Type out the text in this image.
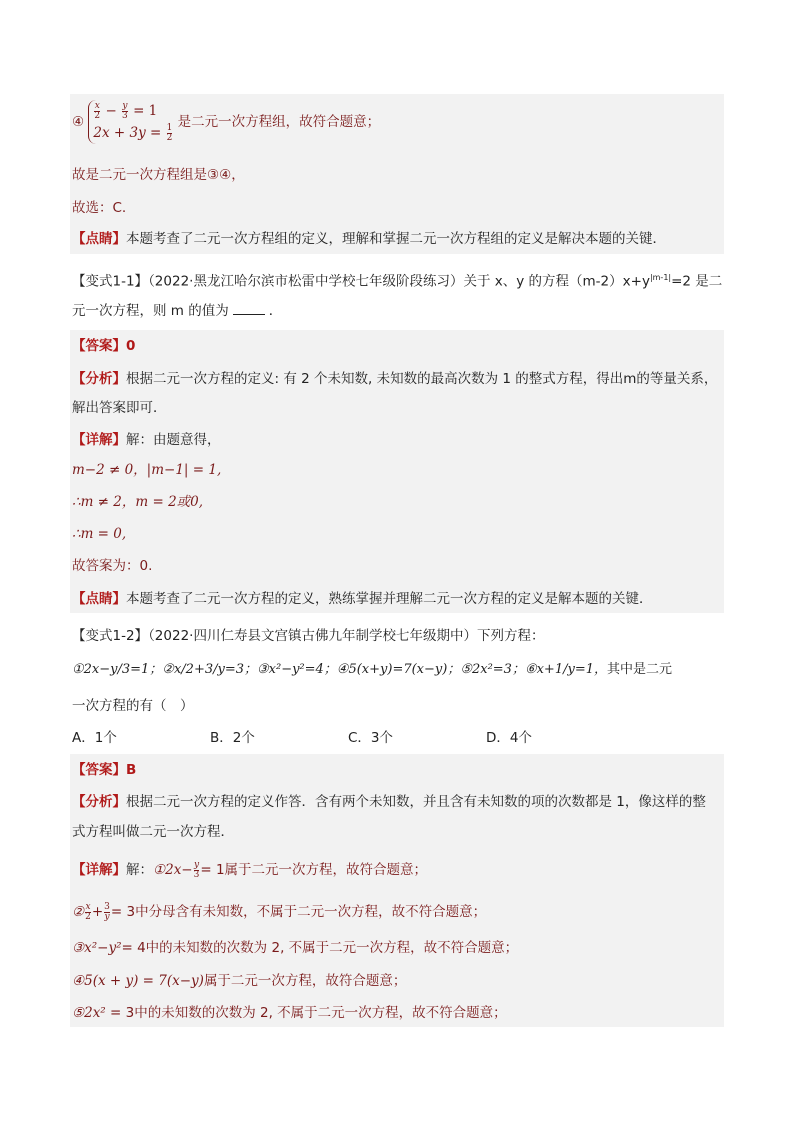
④
$\frac{x}{2} - \frac{y}{3} = 1$
$2x + 3y = \frac{1}{2}$
是二元一次方程组，故符合题意；
故是二元一次方程组是③④，
故选：C.
【点睛】本题考查了二元一次方程组的定义，理解和掌握二元一次方程组的定义是解决本题的关键．
【变式1-1】（2022·黑龙江哈尔滨市松雷中学校七年级阶段练习）关于 x、y 的方程$(m-2)x+y^{|m-1|}=2$ 是二
元一次方程，则 m 的值为	．
【答案】0
【分析】根据二元一次方程的定义: 有 2 个未知数, 未知数的最高次数为 1 的整式方程，得出m的等量关系，
解出答案即可．
【详解】解：由题意得，
m−2 ≠ 0，|m−1| = 1,
∴m ≠ 2，m = 2或0,
∴m = 0,
故答案为：0.
【点睛】本题考查了二元一次方程的定义，熟练掌握并理解二元一次方程的定义是解本题的关键．
【变式1-2】（2022·四川仁寿县文宫镇古佛九年制学校七年级期中）下列方程：
①2x−y/3=1；②x/2+3/y=3；③x²−y²=4；④5(x+y)=7(x−y)；⑤2x²=3；⑥x+1/y=1，其中是二元
一次方程的有（　）
A．1个	B．2个	C．3个	D．4个
【答案】B
【分析】根据二元一次方程的定义作答．含有两个未知数，并且含有未知数的项的次数都是 1，像这样的整
式方程叫做二元一次方程．
【详解】解：①2x− $\frac{y}{3} = 1$属于二元一次方程，故符合题意；
② $\frac{x}{2} + \frac{3}{y} = 3$中分母含有未知数，不属于二元一次方程，故不符合题意；
③x²−y²= 4中的未知数的次数为 2, 不属于二元一次方程，故不符合题意；
④5(x + y) = 7(x−y)属于二元一次方程，故符合题意；
⑤2x² = 3中的未知数的次数为 2, 不属于二元一次方程，故不符合题意；
